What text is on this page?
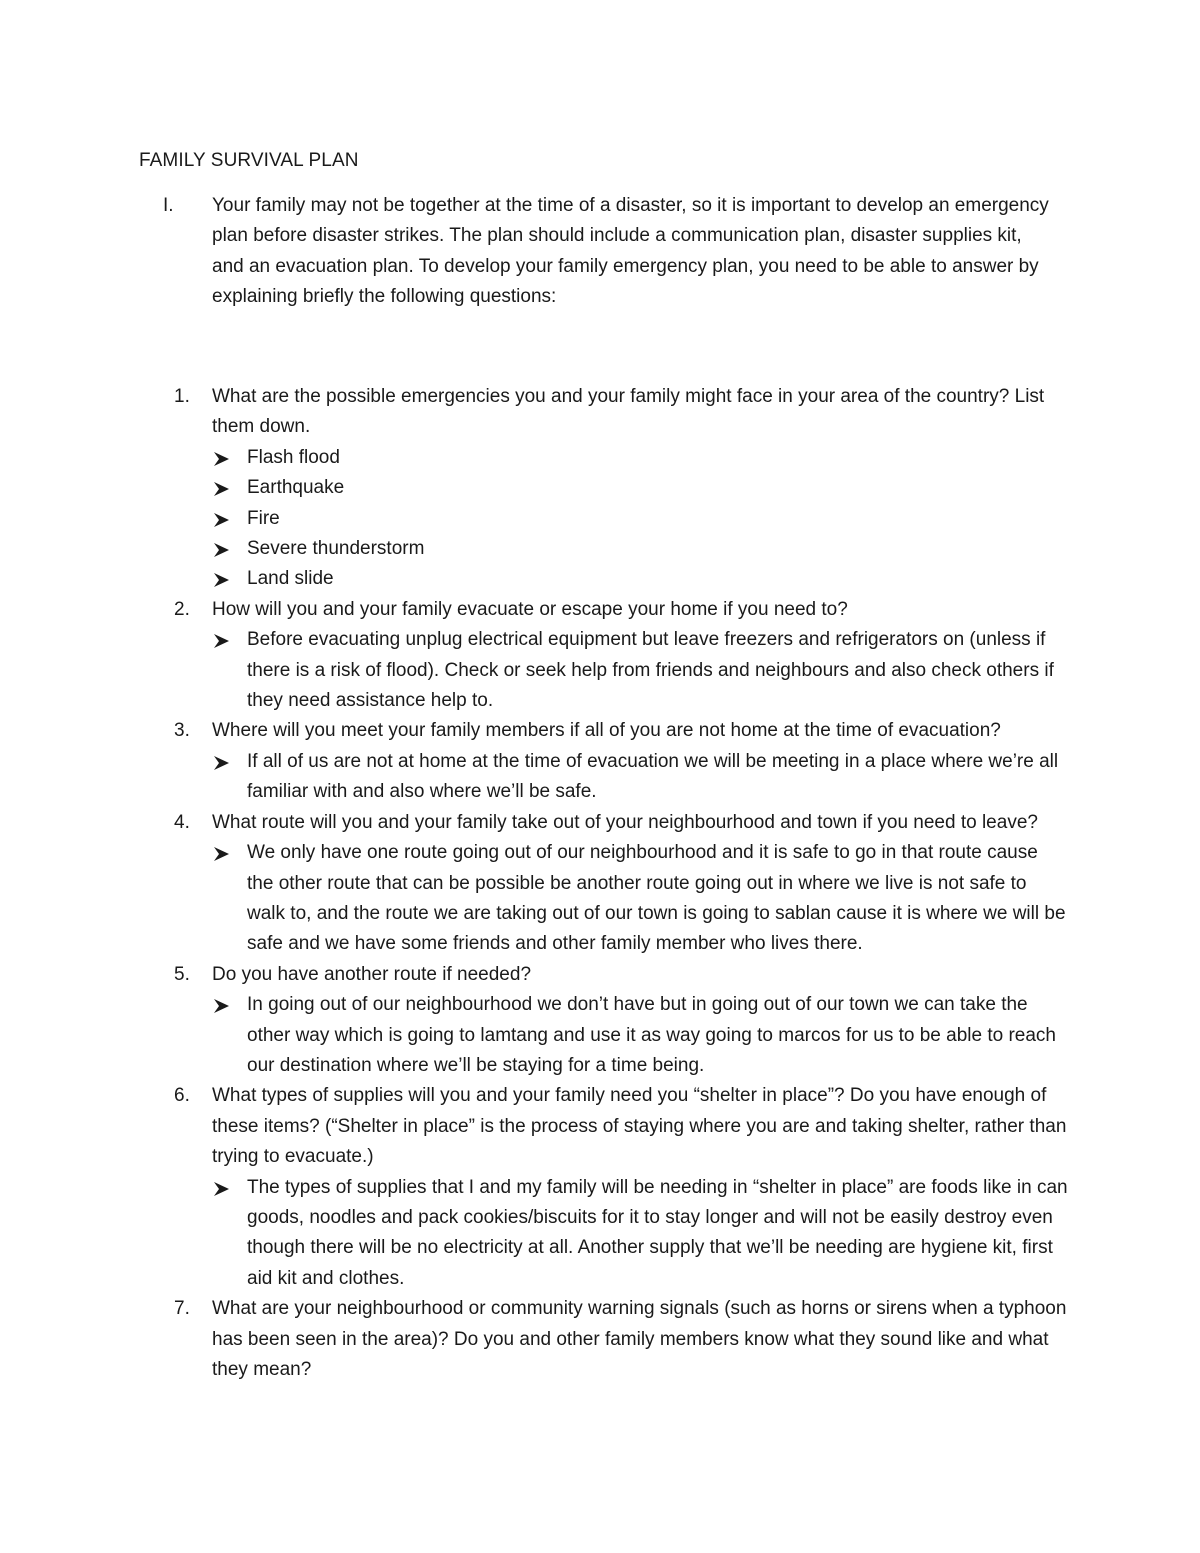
FAMILY SURVIVAL PLAN
I. Your family may not be together at the time of a disaster, so it is important to develop an emergency plan before disaster strikes. The plan should include a communication plan, disaster supplies kit, and an evacuation plan. To develop your family emergency plan, you need to be able to answer by explaining briefly the following questions:
1. What are the possible emergencies you and your family might face in your area of the country? List them down.
Flash flood
Earthquake
Fire
Severe thunderstorm
Land slide
2. How will you and your family evacuate or escape your home if you need to?
Before evacuating unplug electrical equipment but leave freezers and refrigerators on (unless if there is a risk of flood). Check or seek help from friends and neighbours and also check others if they need assistance help to.
3. Where will you meet your family members if all of you are not home at the time of evacuation?
If all of us are not at home at the time of evacuation we will be meeting in a place where we’re all familiar with and also where we’ll be safe.
4. What route will you and your family take out of your neighbourhood and town if you need to leave?
We only have one route going out of our neighbourhood and it is safe to go in that route cause the other route that can be possible be another route going out in where we live is not safe to walk to, and the route we are taking out of our town is going to sablan cause it is where we will be safe and we have some friends and other family member who lives there.
5. Do you have another route if needed?
In going out of our neighbourhood we don’t have but in going out of our town we can take the other way which is going to lamtang and use it as way going to marcos for us to be able to reach our destination where we’ll be staying for a time being.
6. What types of supplies will you and your family need you “shelter in place”? Do you have enough of these items? (“Shelter in place” is the process of staying where you are and taking shelter, rather than trying to evacuate.)
The types of supplies that I and my family will be needing in “shelter in place” are foods like in can goods, noodles and pack cookies/biscuits for it to stay longer and will not be easily destroy even though there will be no electricity at all. Another supply that we’ll be needing are hygiene kit, first aid kit and clothes.
7. What are your neighbourhood or community warning signals (such as horns or sirens when a typhoon has been seen in the area)? Do you and other family members know what they sound like and what they mean?
